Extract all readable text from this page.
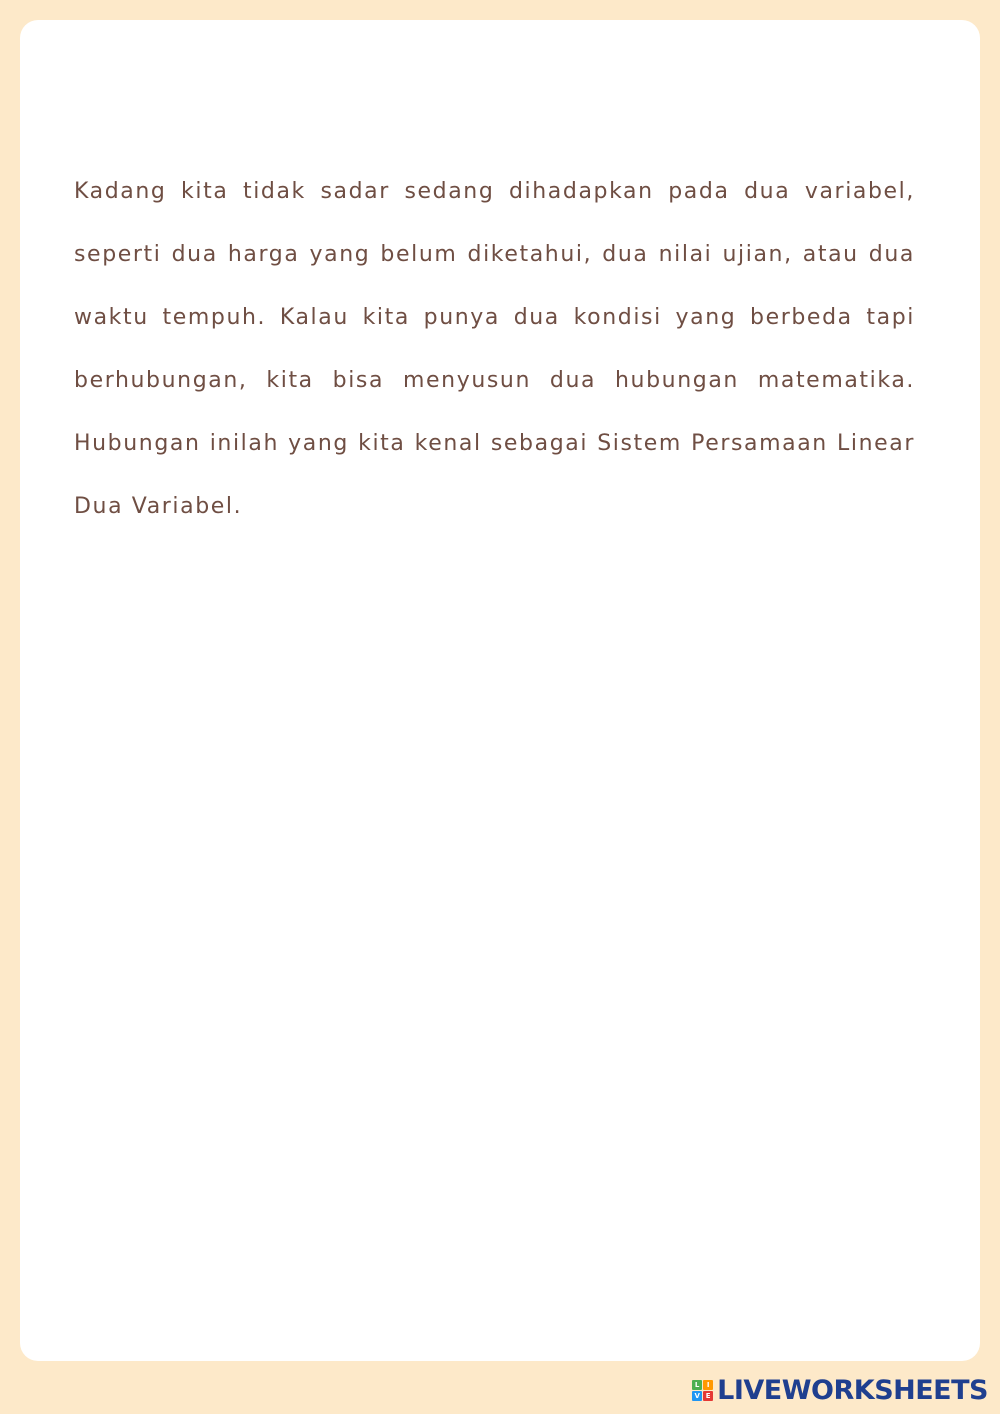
Kadang kita tidak sadar sedang dihadapkan pada dua variabel, seperti dua harga yang belum diketahui, dua nilai ujian, atau dua waktu tempuh. Kalau kita punya dua kondisi yang berbeda tapi berhubungan, kita bisa menyusun dua hubungan matematika. Hubungan inilah yang kita kenal sebagai Sistem Persamaan Linear Dua Variabel.

L	I
V E LIVEWORKSHEETS
